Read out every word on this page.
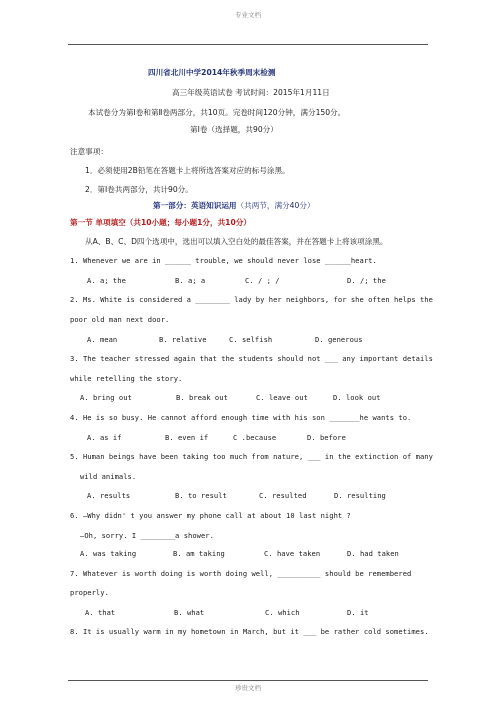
专业文档
四川省北川中学2014年秋季周末检测
高三年级英语试卷 考试时间：2015年1月11日
本试卷分为第Ⅰ卷和第Ⅱ卷两部分，共10页。完卷时间120分钟，满分150分。
第Ⅰ卷（选择题，共90分）
注意事项：
1．必须使用2B铅笔在答题卡上将所选答案对应的标号涂黑。
2．第Ⅰ卷共两部分，共计90分。
第一部分：英语知识运用（共两节，满分40分）
第一节 单项填空（共10小题；每小题1分，共10分）
从A、B、C、D四个选项中，选出可以填入空白处的最佳答案，并在答题卡上将该项涂黑。
1. Whenever we are in ______ trouble, we should never lose ______heart.
A. a; the	B. a; a	C. / ; /	D. /; the
2. Ms. White is considered a ________ lady by her neighbors, for she often helps the
poor old man next door.
A. mean	B. relative	C. selfish	D. generous
3. The teacher stressed again that the students should not ___ any important details
while retelling the story.
A. bring out	B. break out	C. leave out	D. look out
4. He is so busy. He cannot afford enough time with his son _______he wants to.
A. as if	B. even if	C .because	D. before
5. Human beings have been taking too much from nature, ___ in the extinction of many
wild animals.
A. results	B. to result	C. resulted	D. resulting
6. —Why didn' t you answer my phone call at about 10 last night ?
—Oh, sorry. I ________a shower.
A. was taking	B. am taking	C. have taken	D. had taken
7. Whatever is worth doing is worth doing well, __________ should be remembered
properly.
A. that	B. what	C. which	D. it
8. It is usually warm in my hometown in March, but it ___ be rather cold sometimes.
珍贵文档
